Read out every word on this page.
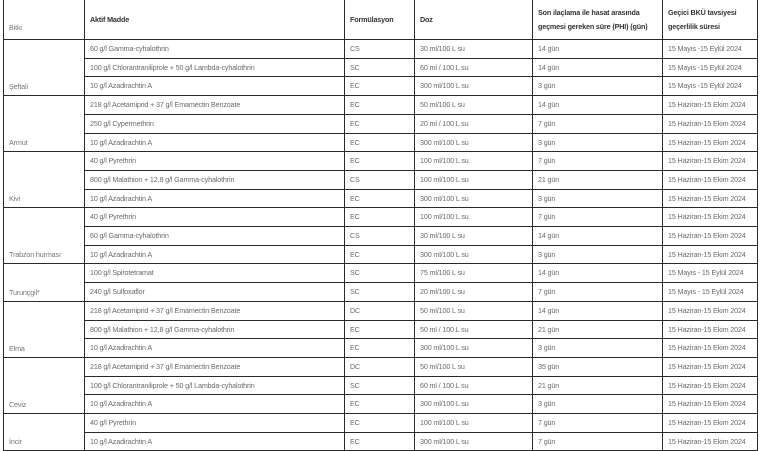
Bitki	Aktif Madde	Formülasyon	Doz	Son ilaçlama ile hasat arasında geçmesi gereken süre (PHI) (gün)	Geçici BKÜ tavsiyesi geçerlilik süresi
Şeftali	60 g/l Gamma-cyhalothrin	CS	30 ml/100 L su	14 gün	15 Mayıs -15 Eylül 2024
	100 g/l Chlorantraniliprole + 50 g/l Lambda-cyhalothrin	SC	60 ml / 100 L su	14 gün	15 Mayıs -15 Eylül 2024
	10 g/l Azadirachtin A	EC	300 ml/100 L su	3 gün	15 Mayıs -15 Eylül 2024
Armut	218 g/l Acetamiprid + 37 g/l Emamectin Benzoate	EC	50 ml/100 L su	14 gün	15 Haziran-15 Ekim 2024
	250 g/l Cypermethrin	EC	20 ml / 100 L su	7 gün	15 Haziran-15 Ekim 2024
	10 g/l Azadirachtin A	EC	300 ml/100 L su	3 gün	15 Haziran-15 Ekim 2024
Kivi	40 g/l Pyrethrin	EC	100 ml/100 L su	7 gün	15 Haziran-15 Ekim 2024
	800 g/l Malathion + 12,8 g/l Gamma-cyhalothrin	CS	100 ml/100 L su	21 gün	15 Haziran-15 Ekim 2024
	10 g/l Azadirachtin A	EC	300 ml/100 L su	3 gün	15 Haziran-15 Ekim 2024
Trabzon hurması	40 g/l Pyrethrin	EC	100 ml/100 L su	7 gün	15 Haziran-15 Ekim 2024
	60 g/l Gamma-cyhalothrin	CS	30 ml/100 L su	14 gün	15 Haziran-15 Ekim 2024
	10 g/l Azadirachtin A	EC	300 ml/100 L su	3 gün	15 Haziran-15 Ekim 2024
Turunçgil*	100 g/l Spirotetramat	SC	75 ml/100 L su	14 gün	15 Mayıs - 15 Eylül 2024
	240 g/l Sulfoxaflor	SC	20 ml/100 L su	7 gün	15 Mayıs - 15 Eylül 2024
Elma	218 g/l Acetamiprid + 37 g/l Emamectin Benzoate	DC	50 ml/100 L su	14 gün	15 Haziran-15 Ekim 2024
	800 g/l Malathion + 12,8 g/l Gamma-cyhalothrin	EC	50 ml / 100 L su	21 gün	15 Haziran-15 Ekim 2024
	10 g/l Azadirachtin A	EC	300 ml/100 L su	3 gün	15 Haziran-15 Ekim 2024
Ceviz	218 g/l Acetamiprid + 37 g/l Emamectin Benzoate	DC	50 ml/100 L su	35 gün	15 Haziran-15 Ekim 2024
	100 g/l Chlorantraniliprole + 50 g/l Lambda-cyhalothrin	SC	60 ml / 100 L su	21 gün	15 Haziran-15 Ekim 2024
	10 g/l Azadirachtin A	EC	300 ml/100 L su	3 gün	15 Haziran-15 Ekim 2024
İncir	40 g/l Pyrethrin	EC	100 ml/100 L su	7 gün	15 Haziran-15 Ekim 2024
	10 g/l Azadirachtin A	EC	300 ml/100 L su	7 gün	15 Haziran-15 Ekim 2024
